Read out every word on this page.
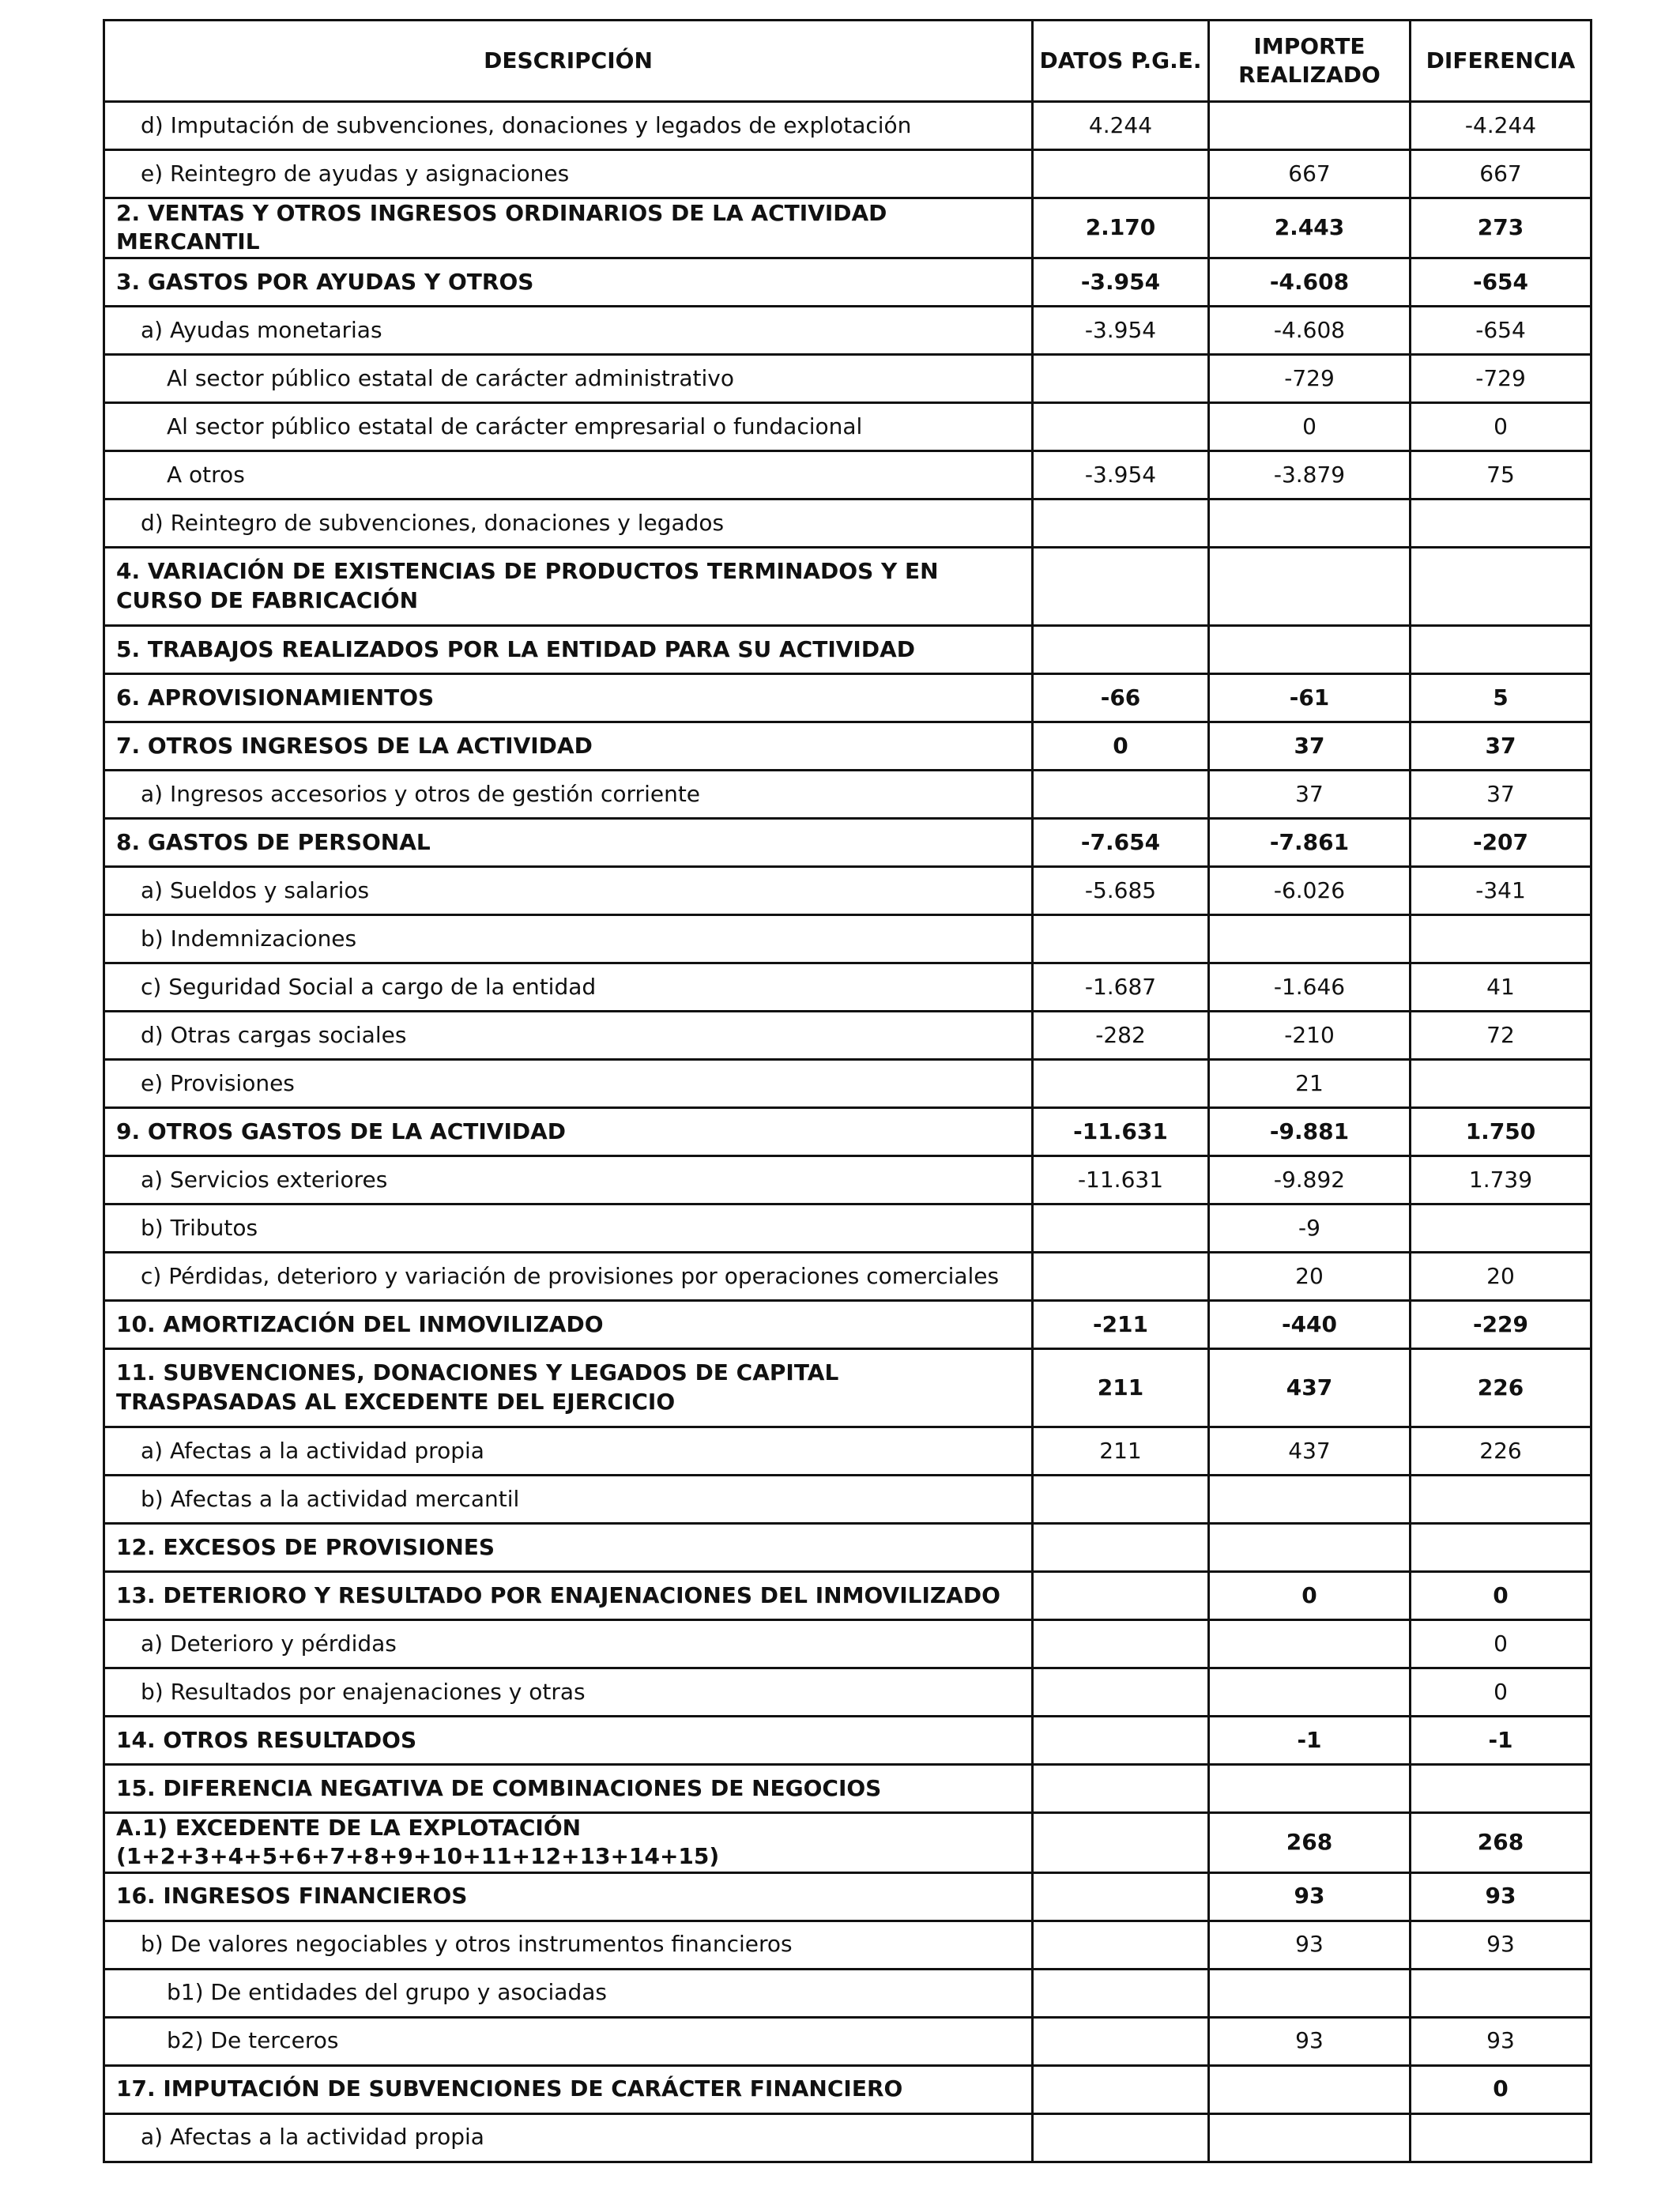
DESCRIPCIÓN	DATOS P.G.E.	IMPORTE REALIZADO	DIFERENCIA
d) Imputación de subvenciones, donaciones y legados de explotación	4.244		-4.244
e) Reintegro de ayudas y asignaciones		667	667
2. VENTAS Y OTROS INGRESOS ORDINARIOS DE LA ACTIVIDAD MERCANTIL	2.170	2.443	273
3. GASTOS POR AYUDAS Y OTROS	-3.954	-4.608	-654
a) Ayudas monetarias	-3.954	-4.608	-654
Al sector público estatal de carácter administrativo		-729	-729
Al sector público estatal de carácter empresarial o fundacional		0	0
A otros	-3.954	-3.879	75
d) Reintegro de subvenciones, donaciones y legados			
4. VARIACIÓN DE EXISTENCIAS DE PRODUCTOS TERMINADOS Y EN CURSO DE FABRICACIÓN			
5. TRABAJOS REALIZADOS POR LA ENTIDAD PARA SU ACTIVIDAD			
6. APROVISIONAMIENTOS	-66	-61	5
7. OTROS INGRESOS DE LA ACTIVIDAD	0	37	37
a) Ingresos accesorios y otros de gestión corriente		37	37
8. GASTOS DE PERSONAL	-7.654	-7.861	-207
a) Sueldos y salarios	-5.685	-6.026	-341
b) Indemnizaciones			
c) Seguridad Social a cargo de la entidad	-1.687	-1.646	41
d) Otras cargas sociales	-282	-210	72
e) Provisiones		21	
9. OTROS GASTOS DE LA ACTIVIDAD	-11.631	-9.881	1.750
a) Servicios exteriores	-11.631	-9.892	1.739
b) Tributos		-9	
c) Pérdidas, deterioro y variación de provisiones por operaciones comerciales		20	20
10. AMORTIZACIÓN DEL INMOVILIZADO	-211	-440	-229
11. SUBVENCIONES, DONACIONES Y LEGADOS DE CAPITAL TRASPASADAS AL EXCEDENTE DEL EJERCICIO	211	437	226
a) Afectas a la actividad propia	211	437	226
b) Afectas a la actividad mercantil			
12. EXCESOS DE PROVISIONES			
13. DETERIORO Y RESULTADO POR ENAJENACIONES DEL INMOVILIZADO		0	0
a) Deterioro y pérdidas			0
b) Resultados por enajenaciones y otras			0
14. OTROS RESULTADOS		-1	-1
15. DIFERENCIA NEGATIVA DE COMBINACIONES DE NEGOCIOS			
A.1) EXCEDENTE DE LA EXPLOTACIÓN (1+2+3+4+5+6+7+8+9+10+11+12+13+14+15)		268	268
16. INGRESOS FINANCIEROS		93	93
b) De valores negociables y otros instrumentos financieros		93	93
b1) De entidades del grupo y asociadas			
b2) De terceros		93	93
17. IMPUTACIÓN DE SUBVENCIONES DE CARÁCTER FINANCIERO			0
a) Afectas a la actividad propia			
